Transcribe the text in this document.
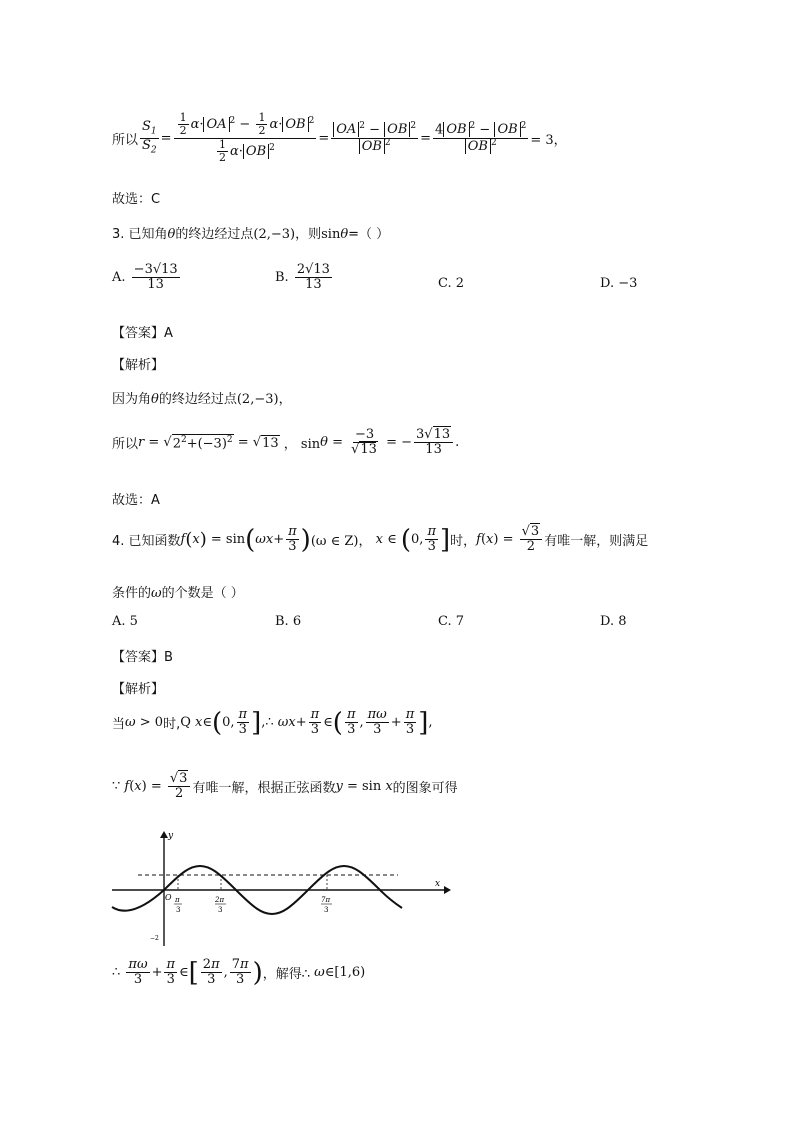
所以 $\frac{S_1}{S_2} = \frac{\frac{1}{2} \alpha\cdot OA ^2 - \frac{1}{2} \alpha\cdot OB ^2}{\frac{1}{2} \alpha\cdot OB ^2} = \frac{OA ^2 - OB ^2}{OB ^2} = \frac{4 OB ^2 - OB ^2}{OB ^2} = 3$，
故选：C
3. 已知角θ的终边经过点(2,−3)，则sinθ=（ ）
A.
$\frac{-3√13}{13}$	B.
$\frac{2√13}{13}$	C. 2	D. −3
【答案】A
【解析】
因为角θ的终边经过点(2,−3)，
所以 r = √ $2^2+(-3)^2$ = √ 13 ， $\sin \theta = \frac{-3}{√13}$ = − $\frac{3√13}{13}$ .
故选：A
4. 已知函数 f ( x ) = sin ( $\omega x + \frac{\pi}{3}$ ) (ω ∈ Z)，
x ∈ ( 0, $\frac{\pi}{3}$ ] 时， f ( x ) = $\frac{√3}{2}$ 有唯一解，则满足
条件的ω的个数是（ ）
A. 5	B. 6	C. 7	D. 8
【答案】B
【解析】
当 ω > 0 时, Q x ∈ ( 0, $\frac{\pi}{3}$ ] ,∴ $\omega x + \frac{\pi}{3}$ ∈ ( $\frac{\pi}{3}$ , $\frac{\pi\omega}{3} + \frac{\pi}{3}$ ] ,
∵ f ( x ) = $\frac{√3}{2}$ 有唯一解，根据正弦函数 y = sin x 的图象可得
x
y
O π
3
2π
3
7π
3
−2
∴ $\frac{\pi\omega}{3} + \frac{\pi}{3}$ ∈ [ $\frac{2\pi}{3}$ , $\frac{7\pi}{3}$ ) ，解得∴
ω ∈[1,6)
